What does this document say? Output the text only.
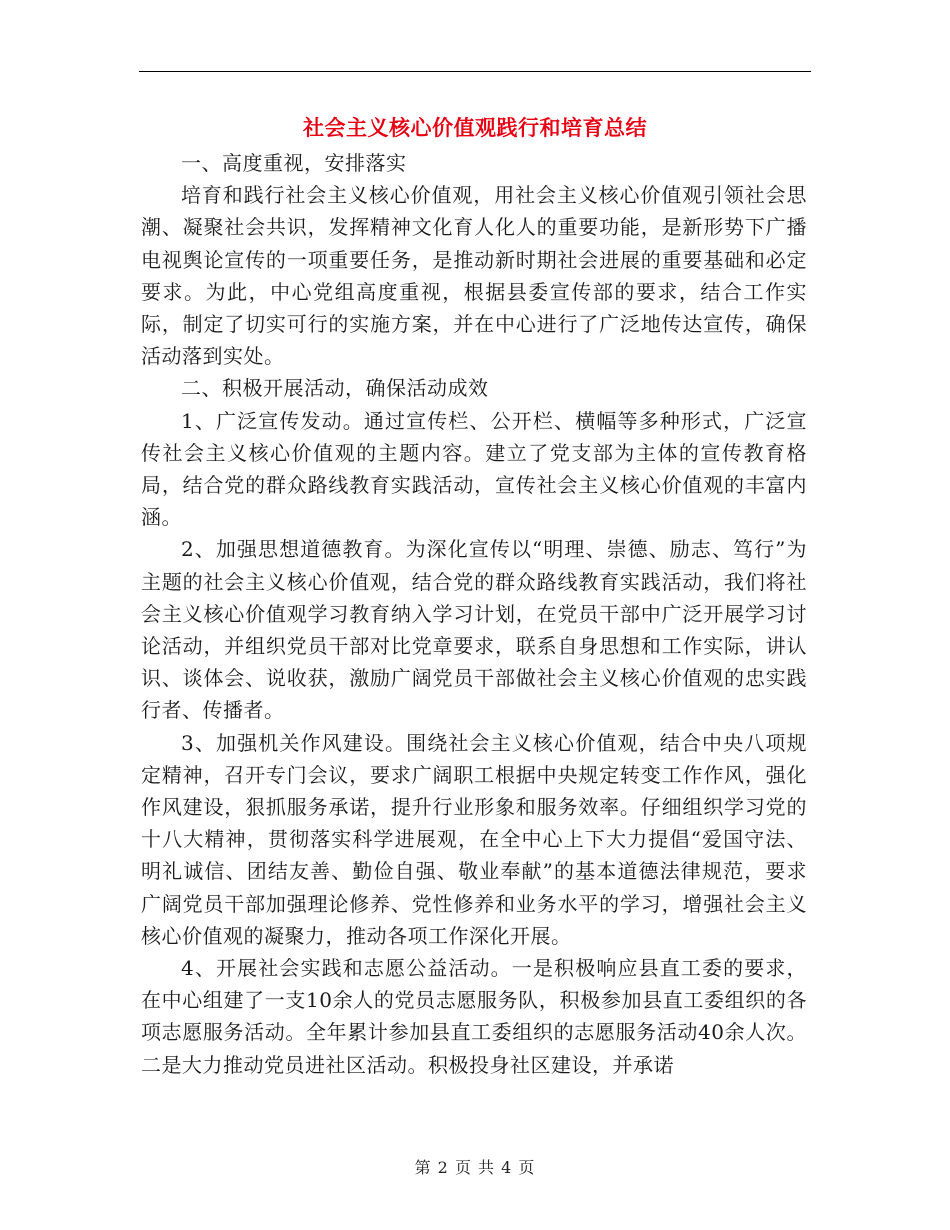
社会主义核心价值观践行和培育总结

一、高度重视，安排落实

培育和践行社会主义核心价值观，用社会主义核心价值观引领社会思潮、凝聚社会共识，发挥精神文化育人化人的重要功能，是新形势下广播电视舆论宣传的一项重要任务，是推动新时期社会进展的重要基础和必定要求。为此，中心党组高度重视，根据县委宣传部的要求，结合工作实际，制定了切实可行的实施方案，并在中心进行了广泛地传达宣传，确保活动落到实处。

二、积极开展活动，确保活动成效

1、广泛宣传发动。通过宣传栏、公开栏、横幅等多种形式，广泛宣传社会主义核心价值观的主题内容。建立了党支部为主体的宣传教育格局，结合党的群众路线教育实践活动，宣传社会主义核心价值观的丰富内涵。

2、加强思想道德教育。为深化宣传以“明理、崇德、励志、笃行”为主题的社会主义核心价值观，结合党的群众路线教育实践活动，我们将社会主义核心价值观学习教育纳入学习计划，在党员干部中广泛开展学习讨论活动，并组织党员干部对比党章要求，联系自身思想和工作实际，讲认识、谈体会、说收获，激励广阔党员干部做社会主义核心价值观的忠实践行者、传播者。

3、加强机关作风建设。围绕社会主义核心价值观，结合中央八项规定精神，召开专门会议，要求广阔职工根据中央规定转变工作作风，强化作风建设，狠抓服务承诺，提升行业形象和服务效率。仔细组织学习党的十八大精神，贯彻落实科学进展观，在全中心上下大力提倡“爱国守法、明礼诚信、团结友善、勤俭自强、敬业奉献”的基本道德法律规范，要求广阔党员干部加强理论修养、党性修养和业务水平的学习，增强社会主义核心价值观的凝聚力，推动各项工作深化开展。

4、开展社会实践和志愿公益活动。一是积极响应县直工委的要求，在中心组建了一支10余人的党员志愿服务队，积极参加县直工委组织的各项志愿服务活动。全年累计参加县直工委组织的志愿服务活动40余人次。二是大力推动党员进社区活动。积极投身社区建设，并承诺

第 2 页 共 4 页
